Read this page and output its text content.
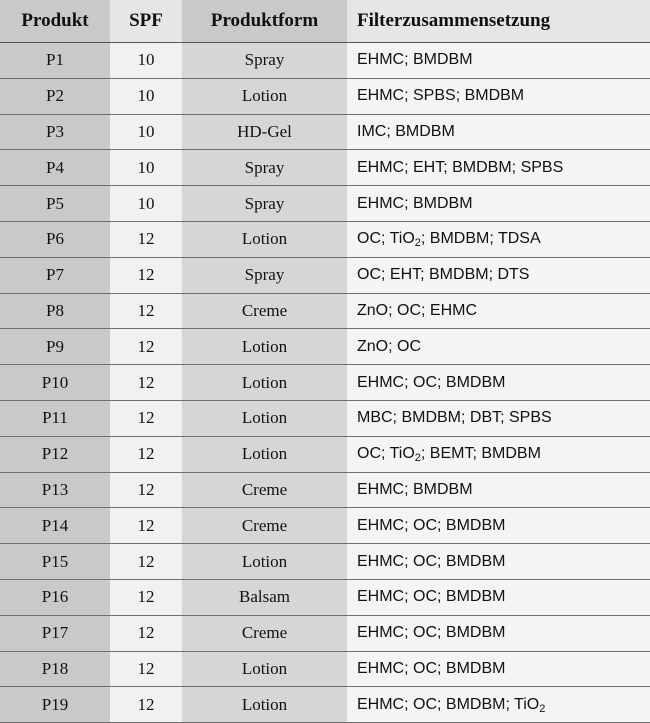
Produkt	SPF	Produktform	Filterzusammensetzung
P1	10	Spray	EHMC; BMDBM
P2	10	Lotion	EHMC; SPBS; BMDBM
P3	10	HD-Gel	IMC; BMDBM
P4	10	Spray	EHMC; EHT; BMDBM; SPBS
P5	10	Spray	EHMC; BMDBM
P6	12	Lotion	OC; TiO$_2$; BMDBM; TDSA
P7	12	Spray	OC; EHT; BMDBM; DTS
P8	12	Creme	ZnO; OC; EHMC
P9	12	Lotion	ZnO; OC
P10	12	Lotion	EHMC; OC; BMDBM
P11	12	Lotion	MBC; BMDBM; DBT; SPBS
P12	12	Lotion	OC; TiO$_2$; BEMT; BMDBM
P13	12	Creme	EHMC; BMDBM
P14	12	Creme	EHMC; OC; BMDBM
P15	12	Lotion	EHMC; OC; BMDBM
P16	12	Balsam	EHMC; OC; BMDBM
P17	12	Creme	EHMC; OC; BMDBM
P18	12	Lotion	EHMC; OC; BMDBM
P19	12	Lotion	EHMC; OC; BMDBM; TiO$_2$
